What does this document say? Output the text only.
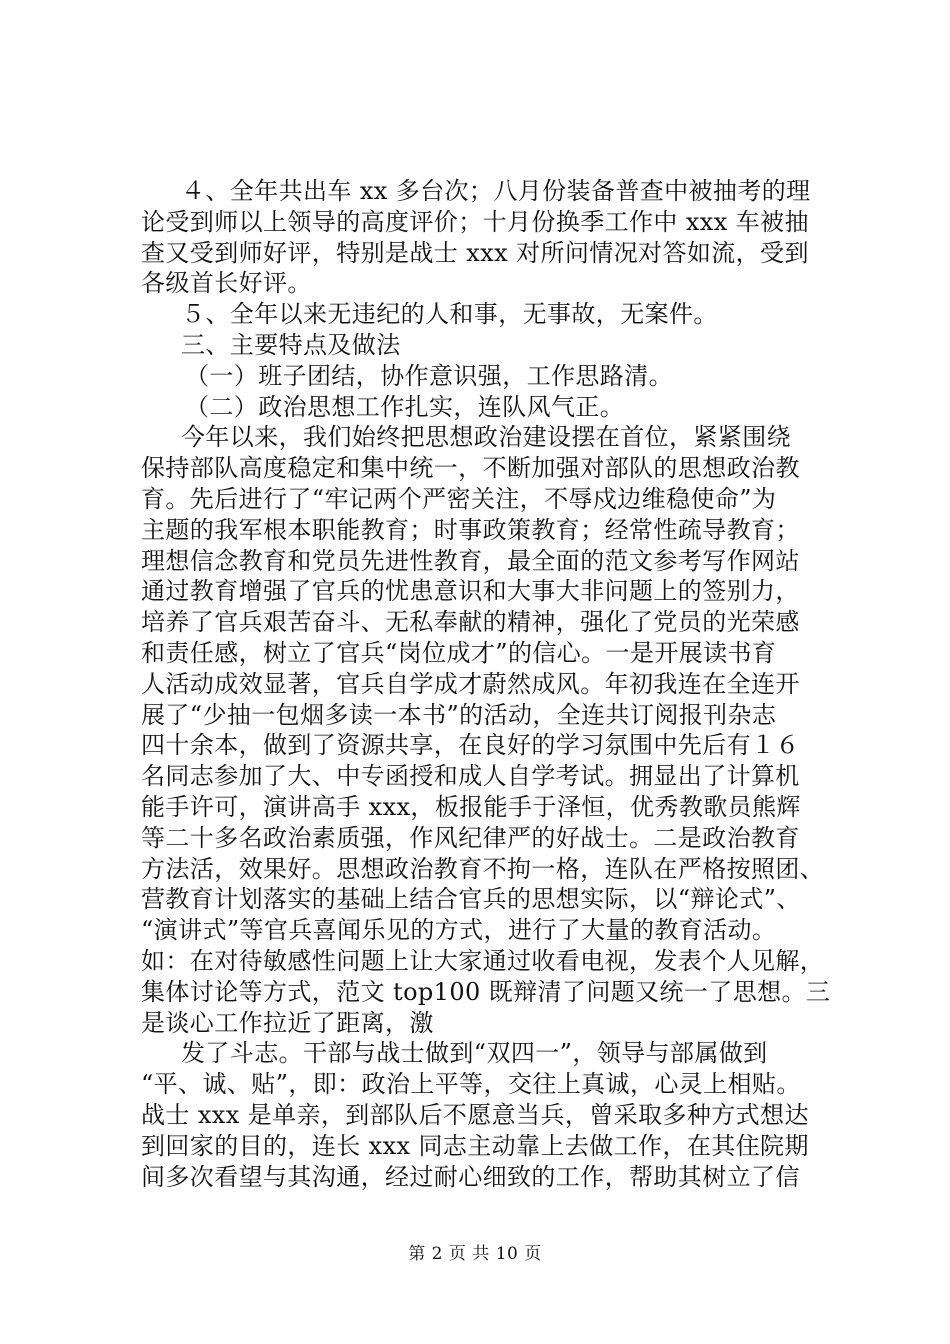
４、全年共出车 xx 多台次；八月份装备普查中被抽考的理
论受到师以上领导的高度评价；十月份换季工作中 xxx 车被抽
查又受到师好评，特别是战士 xxx 对所问情况对答如流，受到
各级首长好评。
５、全年以来无违纪的人和事，无事故，无案件。
三、主要特点及做法
（一）班子团结，协作意识强，工作思路清。
（二）政治思想工作扎实，连队风气正。
今年以来，我们始终把思想政治建设摆在首位，紧紧围绕
保持部队高度稳定和集中统一，不断加强对部队的思想政治教
育。先后进行了“牢记两个严密关注，不辱戍边维稳使命”为
主题的我军根本职能教育；时事政策教育；经常性疏导教育；
理想信念教育和党员先进性教育，最全面的范文参考写作网站
通过教育增强了官兵的忧患意识和大事大非问题上的签别力，
培养了官兵艰苦奋斗、无私奉献的精神，强化了党员的光荣感
和责任感，树立了官兵“岗位成才”的信心。一是开展读书育
人活动成效显著，官兵自学成才蔚然成风。年初我连在全连开
展了“少抽一包烟多读一本书”的活动，全连共订阅报刊杂志
四十余本，做到了资源共享，在良好的学习氛围中先后有１６
名同志参加了大、中专函授和成人自学考试。拥显出了计算机
能手许可，演讲高手 xxx，板报能手于泽恒，优秀教歌员熊辉
等二十多名政治素质强，作风纪律严的好战士。二是政治教育
方法活，效果好。思想政治教育不拘一格，连队在严格按照团、
营教育计划落实的基础上结合官兵的思想实际，以“辩论式”、
“演讲式”等官兵喜闻乐见的方式，进行了大量的教育活动。
如：在对待敏感性问题上让大家通过收看电视，发表个人见解，
集体讨论等方式，范文 top100 既辩清了问题又统一了思想。三
是谈心工作拉近了距离，激
发了斗志。干部与战士做到“双四一”，领导与部属做到
“平、诚、贴”，即：政治上平等，交往上真诚，心灵上相贴。
战士 xxx 是单亲，到部队后不愿意当兵，曾采取多种方式想达
到回家的目的，连长 xxx 同志主动靠上去做工作，在其住院期
间多次看望与其沟通，经过耐心细致的工作，帮助其树立了信
第 2 页 共 10 页
